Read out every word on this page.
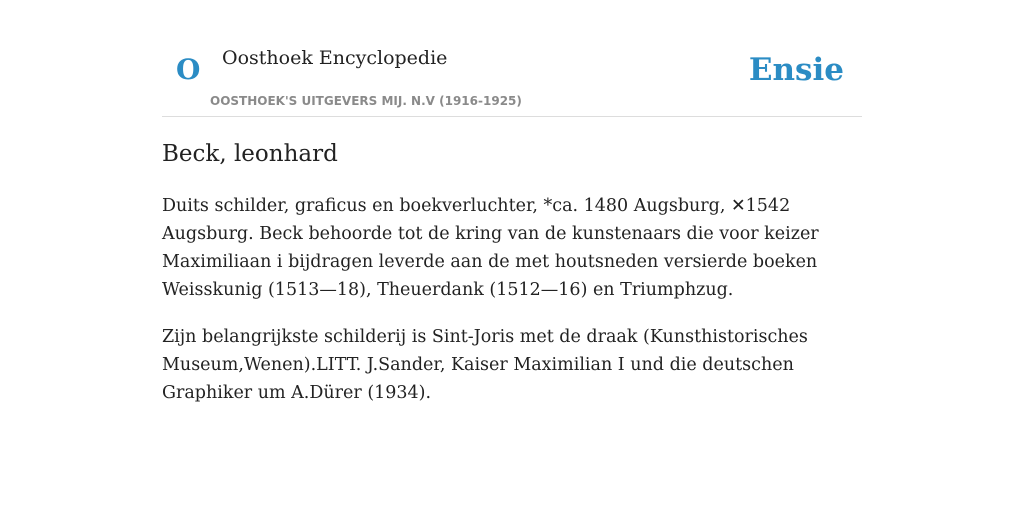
O Oosthoek Encyclopedie
OOSTHOEK'S UITGEVERS MIJ. N.V (1916-1925)
Ensie
Beck, leonhard

Duits schilder, graficus en boekverluchter, *ca. 1480 Augsburg, ✕1542 Augsburg. Beck behoorde tot de kring van de kunstenaars die voor keizer Maximiliaan i bijdragen leverde aan de met houtsneden versierde boeken Weisskunig (1513—18), Theuerdank (1512—16) en Triumphzug.

Zijn belangrijkste schilderij is Sint-Joris met de draak (Kunsthistorisches Museum,Wenen).LITT. J.Sander, Kaiser Maximilian I und die deutschen Graphiker um A.Dürer (1934).
